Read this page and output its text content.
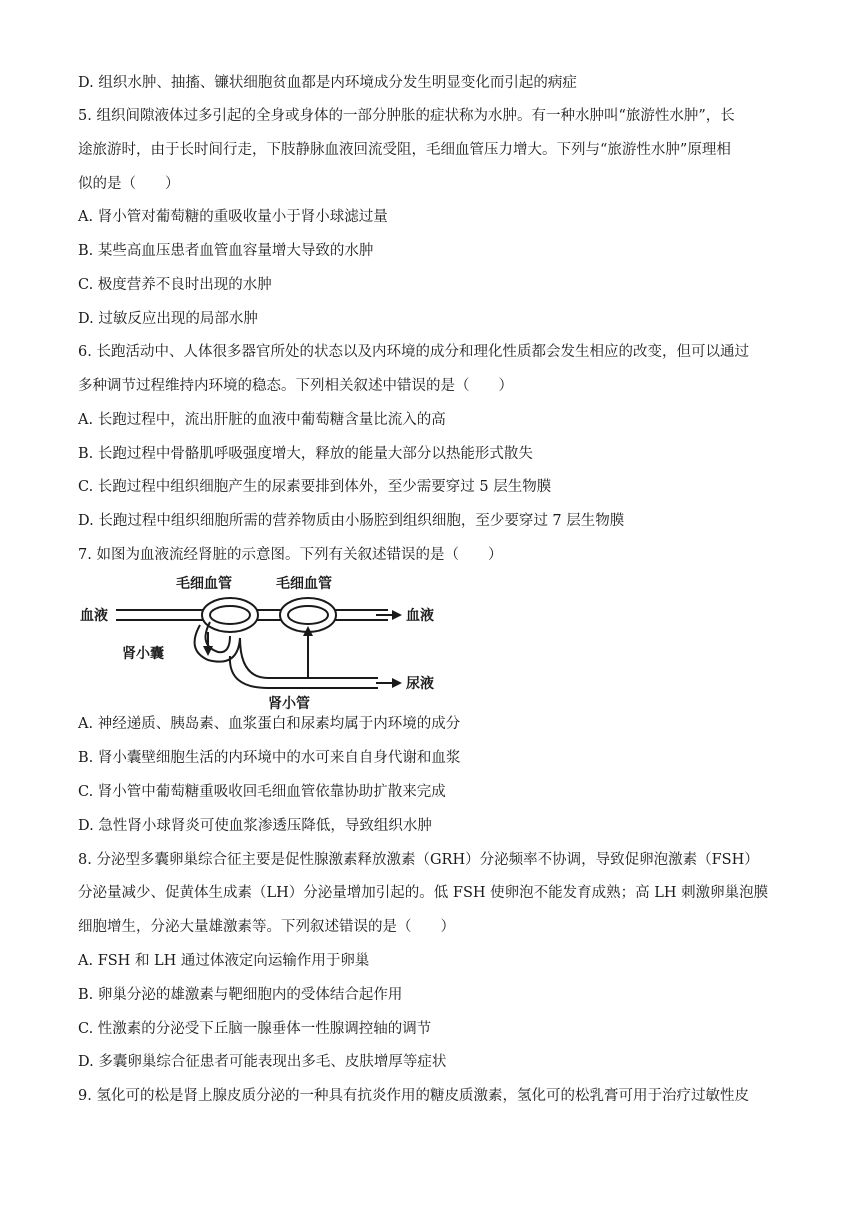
D. 组织水肿、抽搐、镰状细胞贫血都是内环境成分发生明显变化而引起的病症
5. 组织间隙液体过多引起的全身或身体的一部分肿胀的症状称为水肿。有一种水肿叫“旅游性水肿”，长
途旅游时，由于长时间行走，下肢静脉血液回流受阻，毛细血管压力增大。下列与“旅游性水肿”原理相
似的是（　　）
A. 肾小管对葡萄糖的重吸收量小于肾小球滤过量
B. 某些高血压患者血管血容量增大导致的水肿
C. 极度营养不良时出现的水肿
D. 过敏反应出现的局部水肿
6. 长跑活动中、人体很多器官所处的状态以及内环境的成分和理化性质都会发生相应的改变，但可以通过
多种调节过程维持内环境的稳态。下列相关叙述中错误的是（　　）
A. 长跑过程中，流出肝脏的血液中葡萄糖含量比流入的高
B. 长跑过程中骨骼肌呼吸强度增大，释放的能量大部分以热能形式散失
C. 长跑过程中组织细胞产生的尿素要排到体外，至少需要穿过 5 层生物膜
D. 长跑过程中组织细胞所需的营养物质由小肠腔到组织细胞，至少要穿过 7 层生物膜
7. 如图为血液流经肾脏的示意图。下列有关叙述错误的是（　　）
毛细血管	毛细血管
血液	血液
肾小囊
肾小管
尿液
A. 神经递质、胰岛素、血浆蛋白和尿素均属于内环境的成分
B. 肾小囊壁细胞生活的内环境中的水可来自自身代谢和血浆
C. 肾小管中葡萄糖重吸收回毛细血管依靠协助扩散来完成
D. 急性肾小球肾炎可使血浆渗透压降低，导致组织水肿
8. 分泌型多囊卵巢综合征主要是促性腺激素释放激素（GRH）分泌频率不协调，导致促卵泡激素（FSH）
分泌量减少、促黄体生成素（LH）分泌量增加引起的。低 FSH 使卵泡不能发育成熟；高 LH 刺激卵巢泡膜
细胞增生，分泌大量雄激素等。下列叙述错误的是（　　）
A. FSH 和 LH 通过体液定向运输作用于卵巢
B. 卵巢分泌的雄激素与靶细胞内的受体结合起作用
C. 性激素的分泌受下丘脑一腺垂体一性腺调控轴的调节
D. 多囊卵巢综合征患者可能表现出多毛、皮肤增厚等症状
9. 氢化可的松是肾上腺皮质分泌的一种具有抗炎作用的糖皮质激素，氢化可的松乳膏可用于治疗过敏性皮
